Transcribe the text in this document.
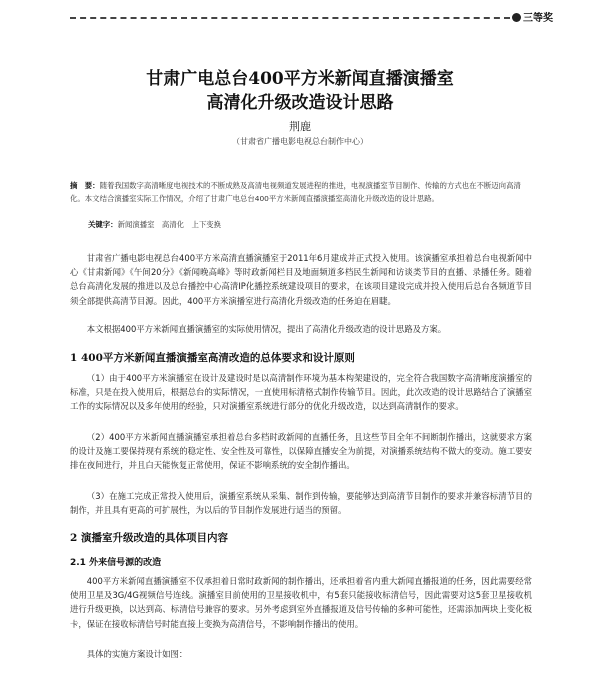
三等奖
甘肃广电总台400平方米新闻直播演播室
高清化升级改造设计思路
荆鹿
（甘肃省广播电影电视总台制作中心）
摘　要：随着我国数字高清晰度电视技术的不断成熟及高清电视频道发展进程的推进，电视演播室节目制作、传输的方式也在不断迈向高清化。本文结合演播室实际工作情况，介绍了甘肃广电总台400平方米新闻直播演播室高清化升级改造的设计思路。
关键字：新闻演播室　高清化　上下变换

甘肃省广播电影电视总台400平方米高清直播演播室于2011年6月建成并正式投入使用。该演播室承担着总台电视新闻中心《甘肃新闻》《午间20分》《新闻晚高峰》等时政新闻栏目及地面频道多档民生新闻和访谈类节目的直播、录播任务。随着总台高清化发展的推进以及总台播控中心高清IP化播控系统建设项目的要求，在该项目建设完成并投入使用后总台各频道节目须全部提供高清节目源。因此，400平方米演播室进行高清化升级改造的任务迫在眉睫。

本文根据400平方米新闻直播演播室的实际使用情况，提出了高清化升级改造的设计思路及方案。

1 400平方米新闻直播演播室高清改造的总体要求和设计原则

（1）由于400平方米演播室在设计及建设时是以高清制作环境为基本构架建设的，完全符合我国数字高清晰度演播室的标准，只是在投入使用后，根据总台的实际情况，一直使用标清格式制作传输节目。因此，此次改造的设计思路结合了演播室工作的实际情况以及多年使用的经验，只对演播室系统进行部分的优化升级改造，以达到高清制作的要求。

（2）400平方米新闻直播演播室承担着总台多档时政新闻的直播任务，且这些节目全年不间断制作播出，这就要求方案的设计及施工要保持现有系统的稳定性、安全性及可靠性，以保障直播安全为前提，对演播系统结构不做大的变动。施工要安排在夜间进行，并且白天能恢复正常使用，保证不影响系统的安全制作播出。

（3）在施工完成正常投入使用后，演播室系统从采集、制作到传输，要能够达到高清节目制作的要求并兼容标清节目的制作，并且具有更高的可扩展性，为以后的节目制作发展进行适当的预留。

2 演播室升级改造的具体项目内容
2.1 外来信号源的改造

400平方米新闻直播演播室不仅承担着日常时政新闻的制作播出，还承担着省内重大新闻直播报道的任务，因此需要经常使用卫星及3G/4G视频信号连线。演播室目前使用的卫星接收机中，有5套只能接收标清信号，因此需要对这5套卫星接收机进行升级更换，以达到高、标清信号兼容的要求。另外考虑到室外直播报道及信号传输的多种可能性，还需添加两块上变化板卡，保证在接收标清信号时能直接上变换为高清信号，不影响制作播出的使用。

具体的实施方案设计如图：
